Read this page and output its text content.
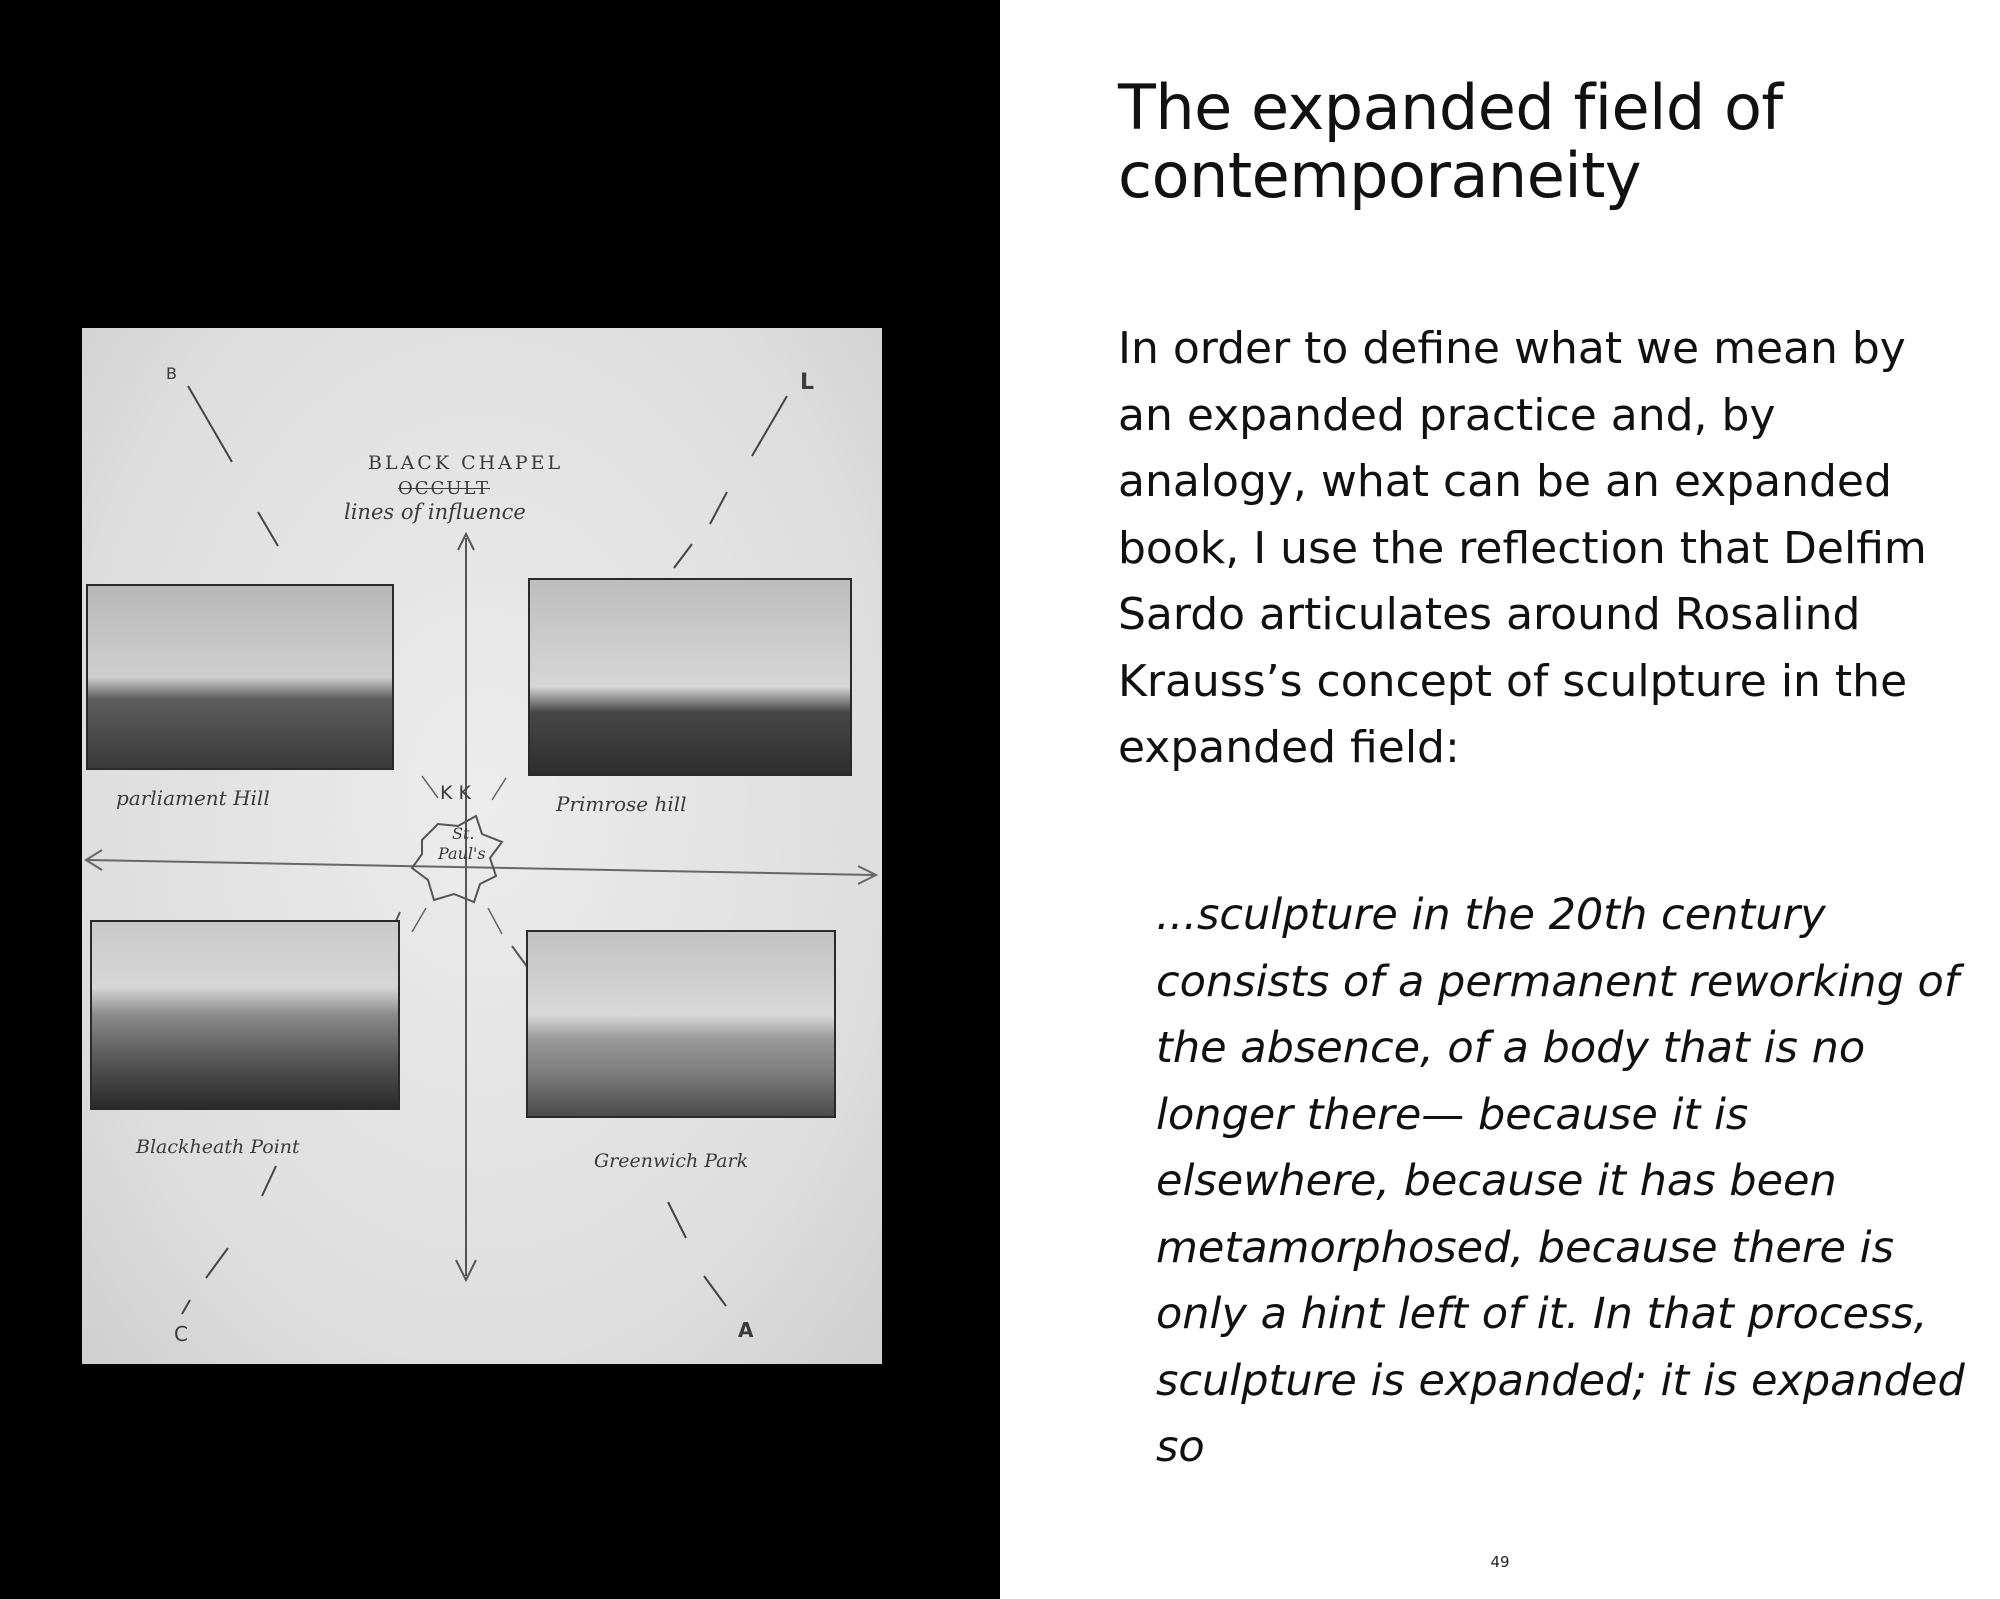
B	L
C	A
BLACK CHAPEL
OCCULT
lines of influence
parliament Hill	Primrose hill
Blackheath Point
Greenwich Park
K K
St.
Paul's
The expanded field of contemporaneity

In order to define what we mean by an expanded practice and, by analogy, what can be an expanded book, I use the reflection that Delfim Sardo articulates around Rosalind Krauss’s concept of sculpture in the expanded field:

...sculpture in the 20th century consists of a permanent reworking of the absence, of a body that is no longer there— because it is elsewhere, because it has been metamorphosed, because there is only a hint left of it. In that process, sculpture is expanded; it is expanded so

49
